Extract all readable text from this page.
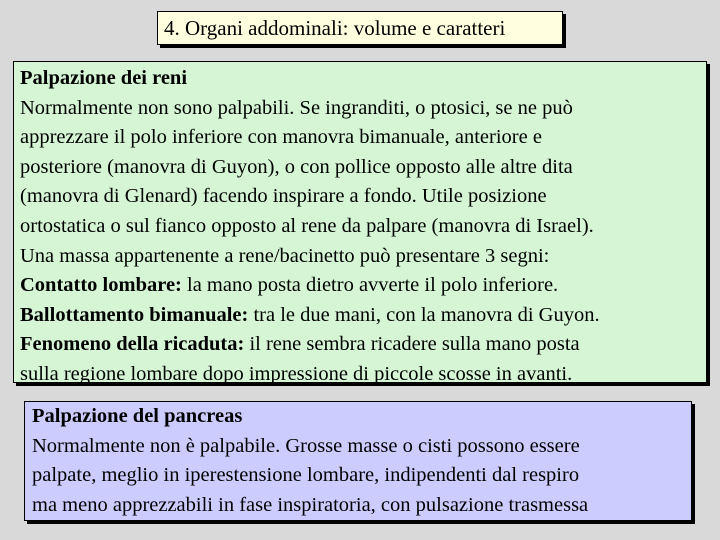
4. Organi addominali: volume e caratteri
Palpazione dei reni
Normalmente non sono palpabili. Se ingranditi, o ptosici, se ne può
apprezzare il polo inferiore con manovra bimanuale, anteriore e
posteriore (manovra di Guyon), o con pollice opposto alle altre dita
(manovra di Glenard) facendo inspirare a fondo. Utile posizione
ortostatica o sul fianco opposto al rene da palpare (manovra di Israel).
Una massa appartenente a rene/bacinetto può presentare 3 segni:
Contatto lombare: la mano posta dietro avverte il polo inferiore.
Ballottamento bimanuale: tra le due mani, con la manovra di Guyon.
Fenomeno della ricaduta: il rene sembra ricadere sulla mano posta
sulla regione lombare dopo impressione di piccole scosse in avanti.
Palpazione del pancreas
Normalmente non è palpabile. Grosse masse o cisti possono essere
palpate, meglio in iperestensione lombare, indipendenti dal respiro
ma meno apprezzabili in fase inspiratoria, con pulsazione trasmessa
